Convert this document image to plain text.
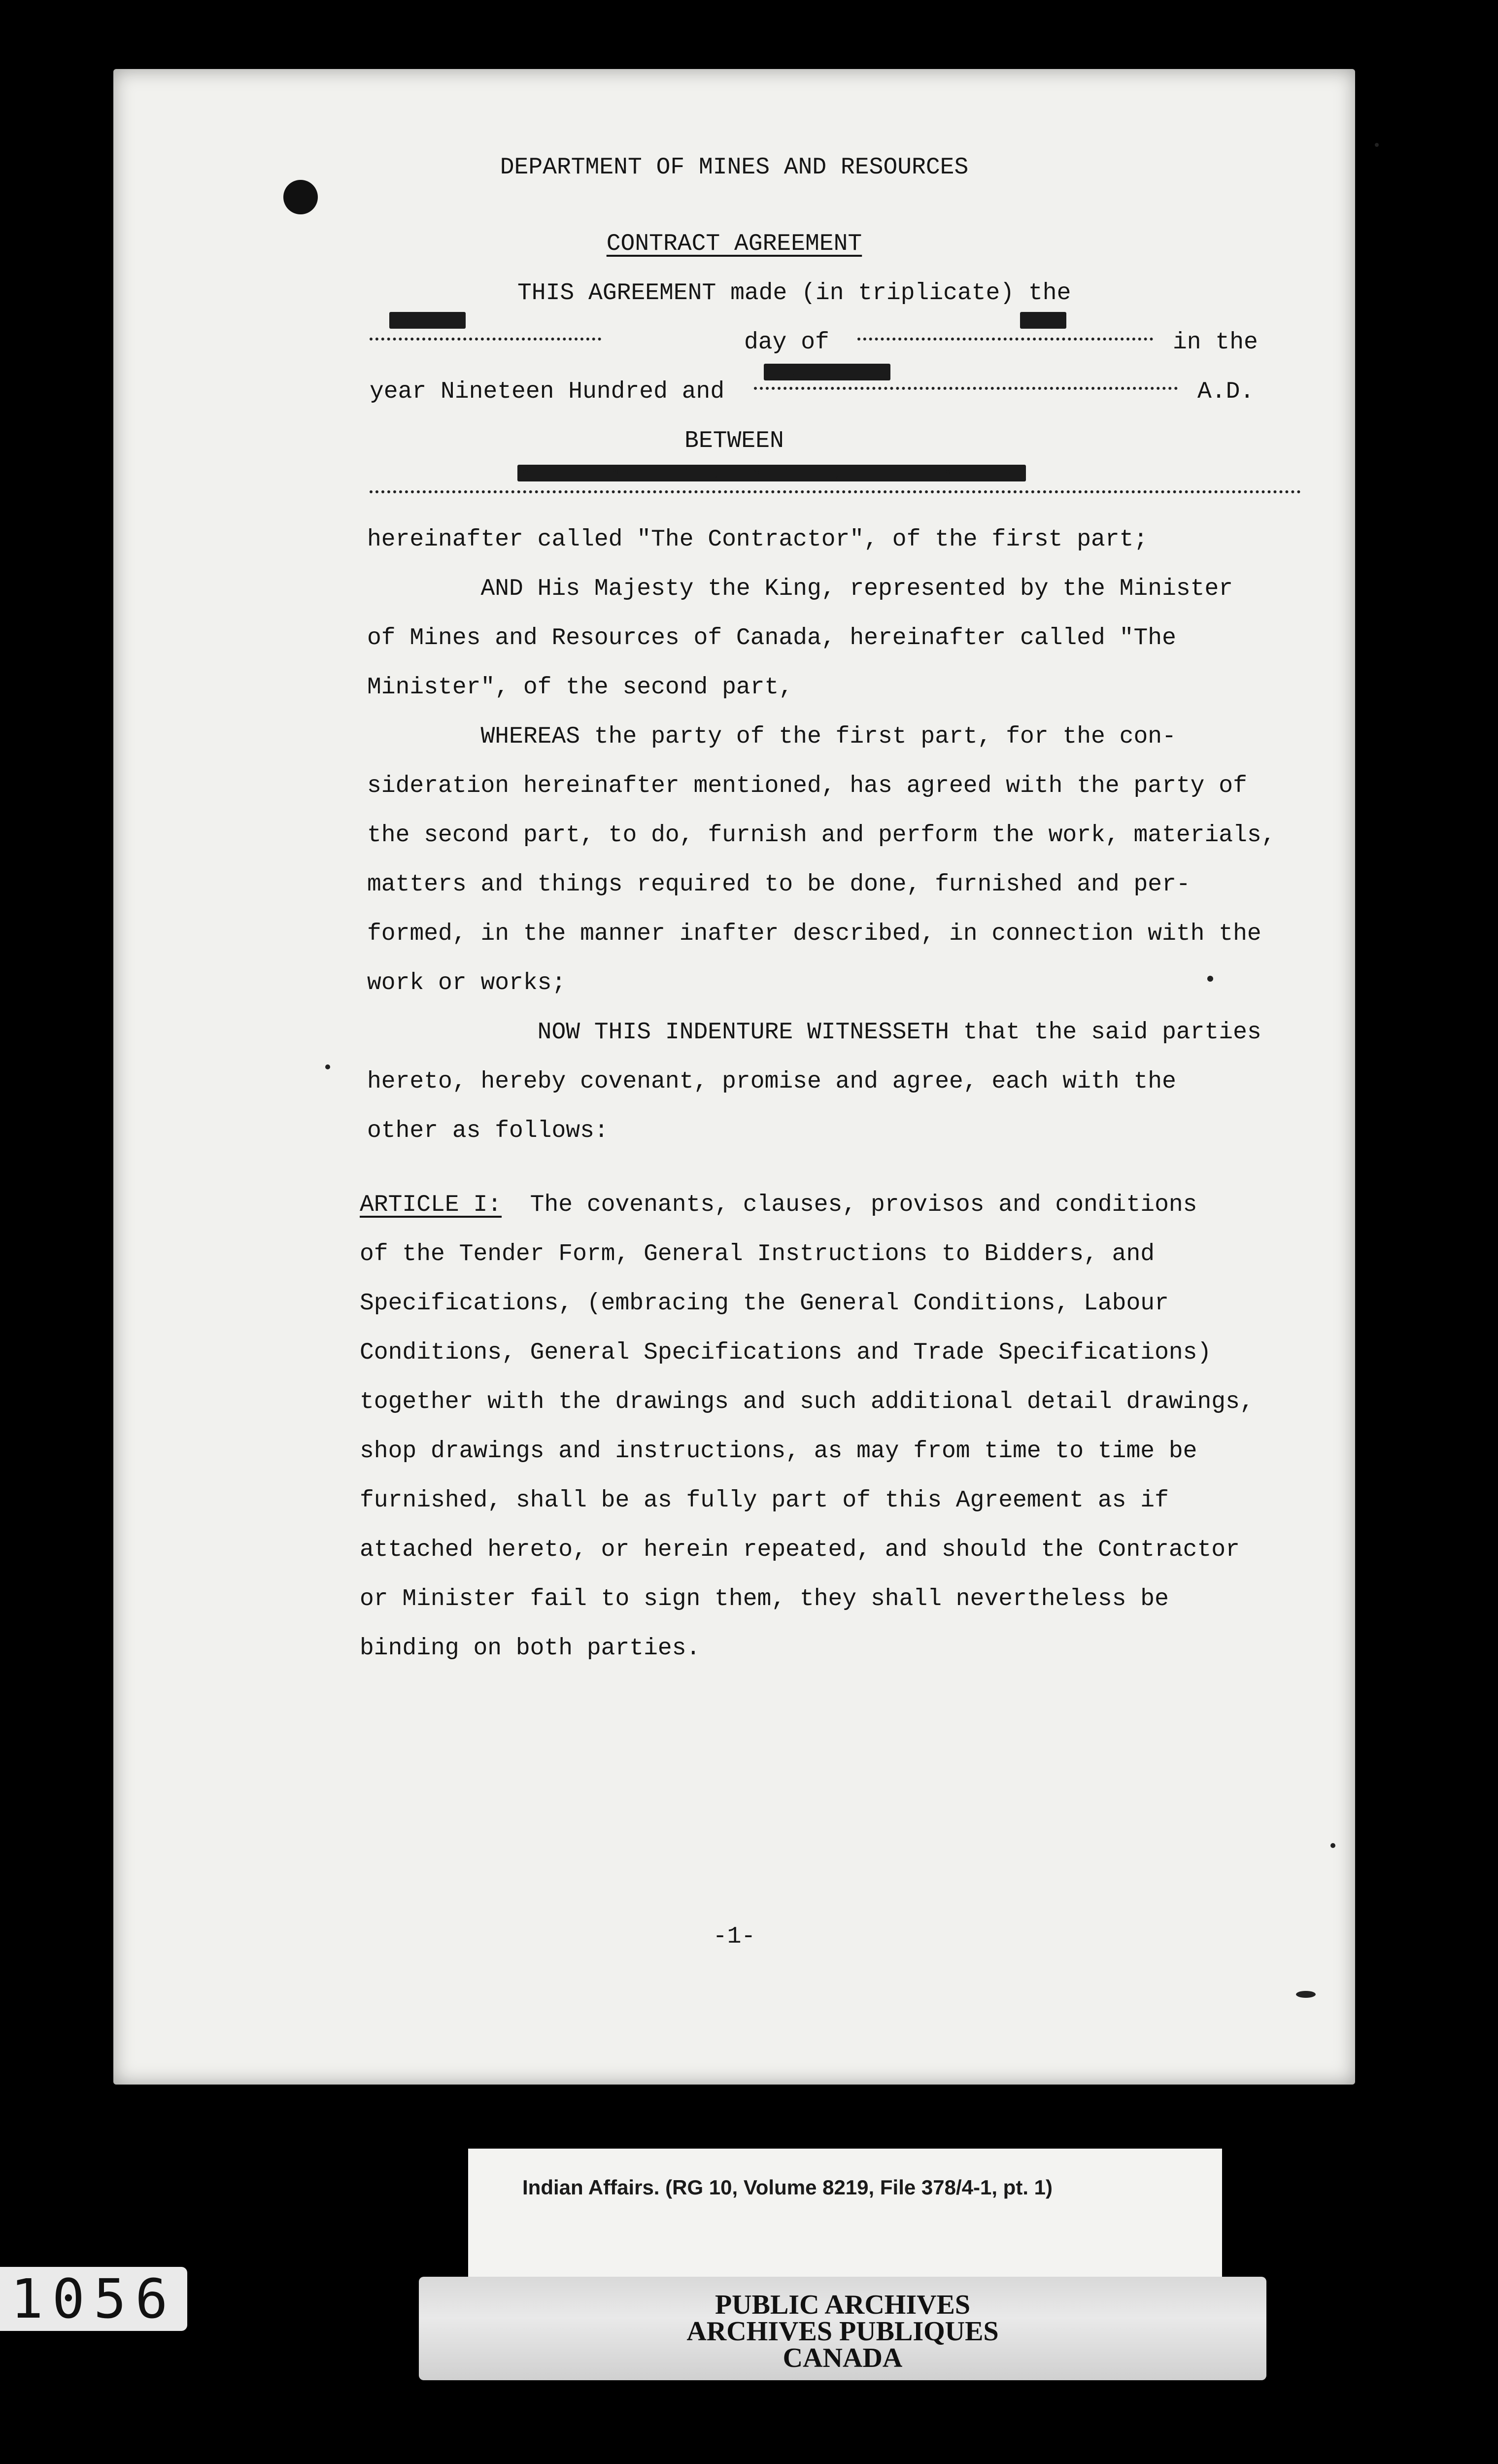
DEPARTMENT OF MINES AND RESOURCES
CONTRACT AGREEMENT
THIS AGREEMENT made (in triplicate) the
TWELFTH
day of
JULY
in the
year Nineteen Hundred and
FORTY-EIGHT.
A.D.
BETWEEN
MR. J. ROMEO ALLARD, CONTRACTOR, CROSS POINT, QUE.
hereinafter called "The Contractor", of the first part;
AND His Majesty the King, represented by the Minister
of Mines and Resources of Canada, hereinafter called "The
Minister", of the second part,
WHEREAS the party of the first part, for the con-
sideration hereinafter mentioned, has agreed with the party of
the second part, to do, furnish and perform the work, materials,
matters and things required to be done, furnished and per-
formed, in the manner inafter described, in connection with the
work or works;
NOW THIS INDENTURE WITNESSETH that the said parties
hereto, hereby covenant, promise and agree, each with the
other as follows:
ARTICLE I:  The covenants, clauses, provisos and conditions
of the Tender Form, General Instructions to Bidders, and
Specifications, (embracing the General Conditions, Labour
Conditions, General Specifications and Trade Specifications)
together with the drawings and such additional detail drawings,
shop drawings and instructions, as may from time to time be
furnished, shall be as fully part of this Agreement as if
attached hereto, or herein repeated, and should the Contractor
or Minister fail to sign them, they shall nevertheless be
binding on both parties.
-1-
Indian Affairs. (RG 10, Volume 8219, File 378/4-1, pt. 1)
1056	PUBLIC ARCHIVES
ARCHIVES PUBLIQUES
CANADA
